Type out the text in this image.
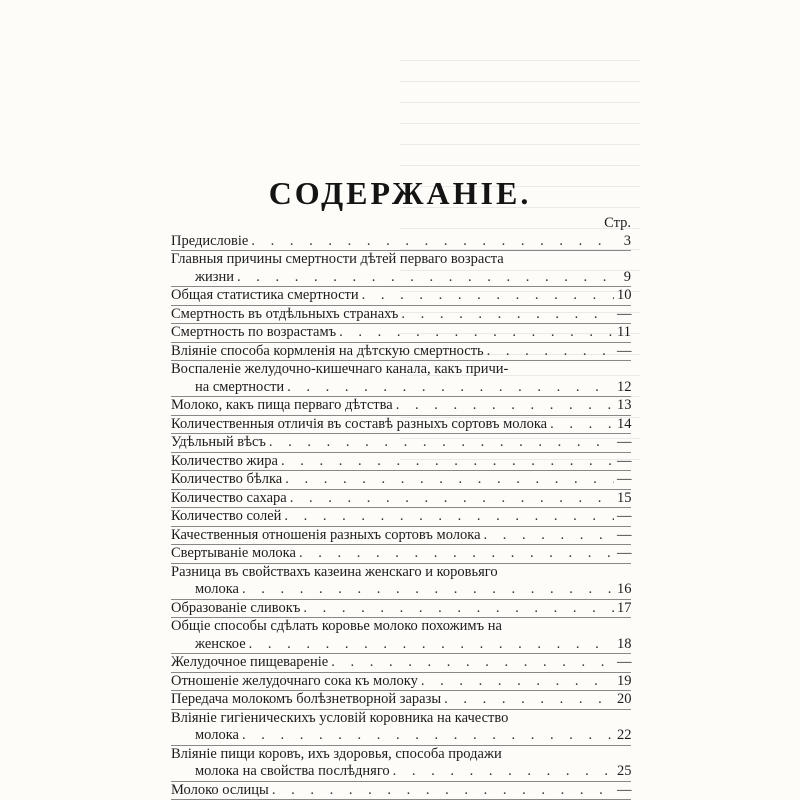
СОДЕРЖАНІЕ.
Стр.
Предисловіе . . .	3
Главныя причины смертности дѣтей перваго возраста
жизни . . .	9
Общая статистика смертности . . .	10
Смертность въ отдѣльныхъ странахъ . . .	—
Смертность по возрастамъ . . .	11
Вліяніе способа кормленія на дѣтскую смертность . . .	—
Воспаленіе желудочно-кишечнаго канала, какъ причи-
на смертности . . .	12
Молоко, какъ пища перваго дѣтства . . .	13
Количественныя отличія въ составѣ разныхъ сортовъ молока . . .	14
Удѣльный вѣсъ . . .	—
Количество жира . . .	—
Количество бѣлка . . .	—
Количество сахара . . .	15
Количество солей . . .	—
Качественныя отношенія разныхъ сортовъ молока . . .	—
Свертываніе молока . . .	—
Разница въ свойствахъ казеина женскаго и коровьяго
молока . . .	16
Образованіе сливокъ . . .	17
Общіе способы сдѣлать коровье молоко похожимъ на
женское . . .	18
Желудочное пищевареніе . . .	—
Отношеніе желудочнаго сока къ молоку . . .	19
Передача молокомъ болѣзнетворной заразы . . .	20
Вліяніе гигіеническихъ условій коровника на качество
молока . . .	22
Вліяніе пищи коровъ, ихъ здоровья, способа продажи
молока на свойства послѣдняго . . .	25
Молоко ослицы . . .	—
